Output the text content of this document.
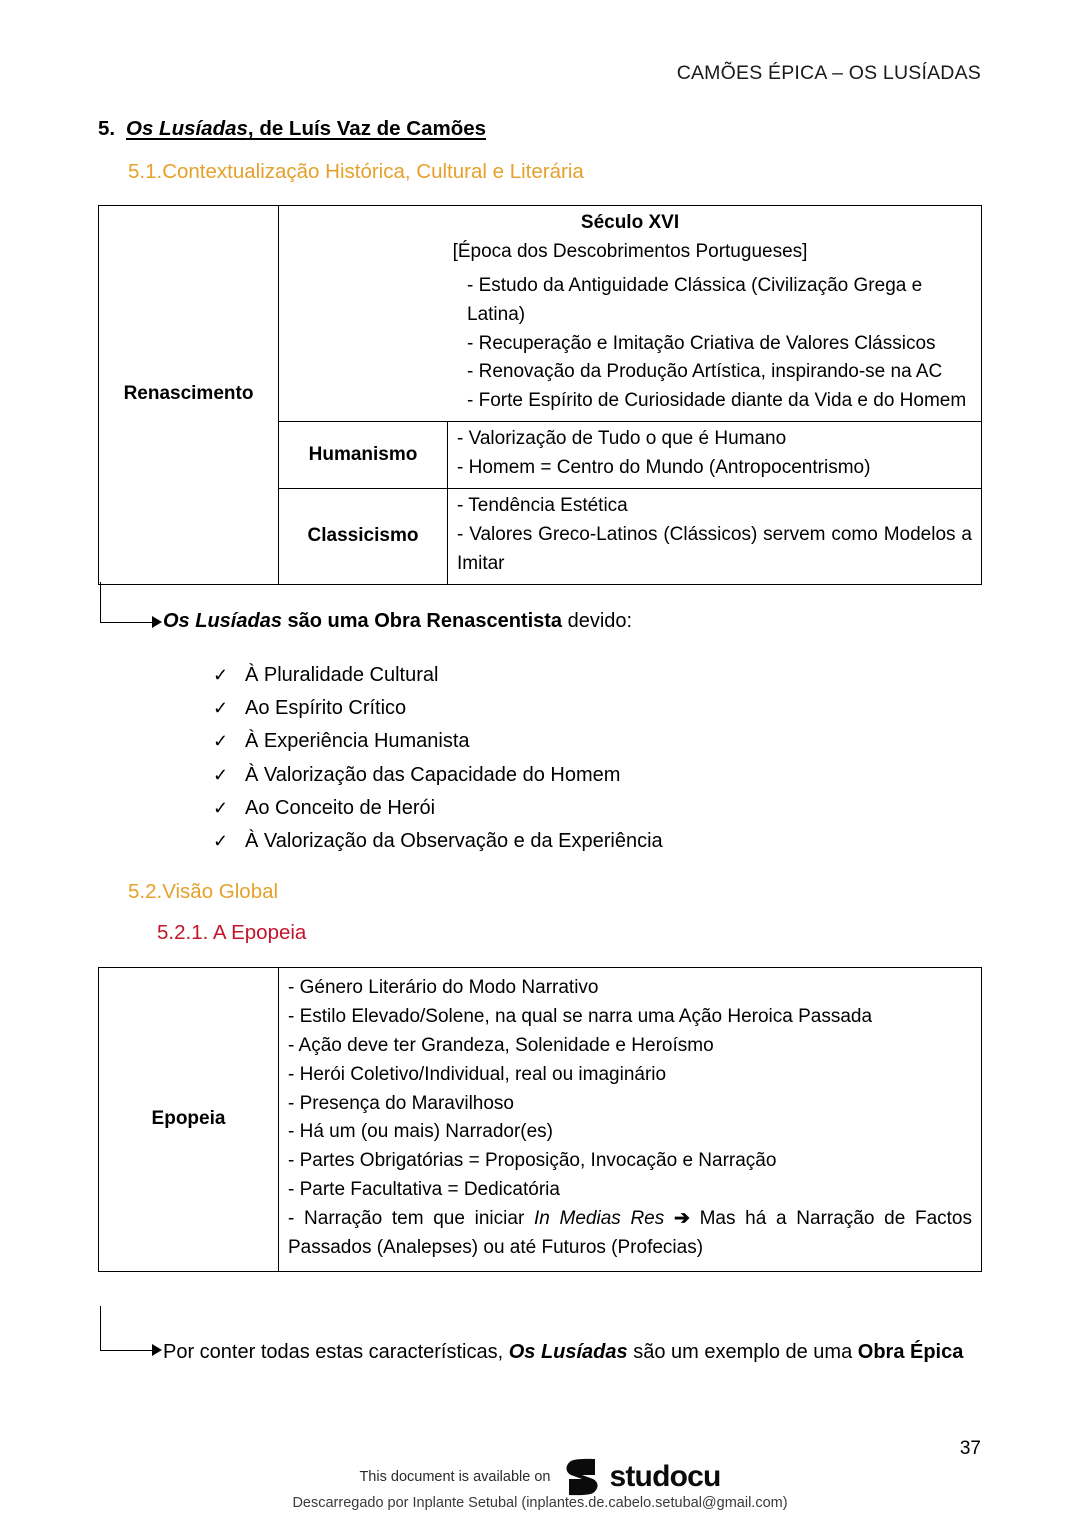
CAMÕES ÉPICA – OS LUSÍADAS
5. Os Lusíadas, de Luís Vaz de Camões
5.1.Contextualização Histórica, Cultural e Literária
Renascimento	
Século XVI
[Época dos Descobrimentos Portugueses]
- Estudo da Antiguidade Clássica (Civilização Grega e Latina)
- Recuperação e Imitação Criativa de Valores Clássicos
- Renovação da Produção Artística, inspirando-se na AC
- Forte Espírito de Curiosidade diante da Vida e do Homem

	Humanismo	- Valorização de Tudo o que é Humano
- Homem = Centro do Mundo (Antropocentrismo)

	Classicismo	- Tendência Estética
- Valores Greco-Latinos (Clássicos) servem como Modelos a Imitar
Os Lusíadas são uma Obra Renascentista devido:
✓ À Pluralidade Cultural
✓ Ao Espírito Crítico
✓ À Experiência Humanista
✓ À Valorização das Capacidade do Homem
✓ Ao Conceito de Herói
✓ À Valorização da Observação e da Experiência
5.2.Visão Global
5.2.1. A Epopeia
Epopeia	
- Género Literário do Modo Narrativo
- Estilo Elevado/Solene, na qual se narra uma Ação Heroica Passada
- Ação deve ter Grandeza, Solenidade e Heroísmo
- Herói Coletivo/Individual, real ou imaginário
- Presença do Maravilhoso
- Há um (ou mais) Narrador(es)
- Partes Obrigatórias = Proposição, Invocação e Narração
- Parte Facultativa = Dedicatória
- Narração tem que iniciar In Medias Res ➔ Mas há a Narração de Factos Passados (Analepses) ou até Futuros (Profecias)
Por conter todas estas características, Os Lusíadas são um exemplo de uma Obra Épica
37
This document is available on studocu
Descarregado por Inplante Setubal (inplantes.de.cabelo.setubal@gmail.com)
